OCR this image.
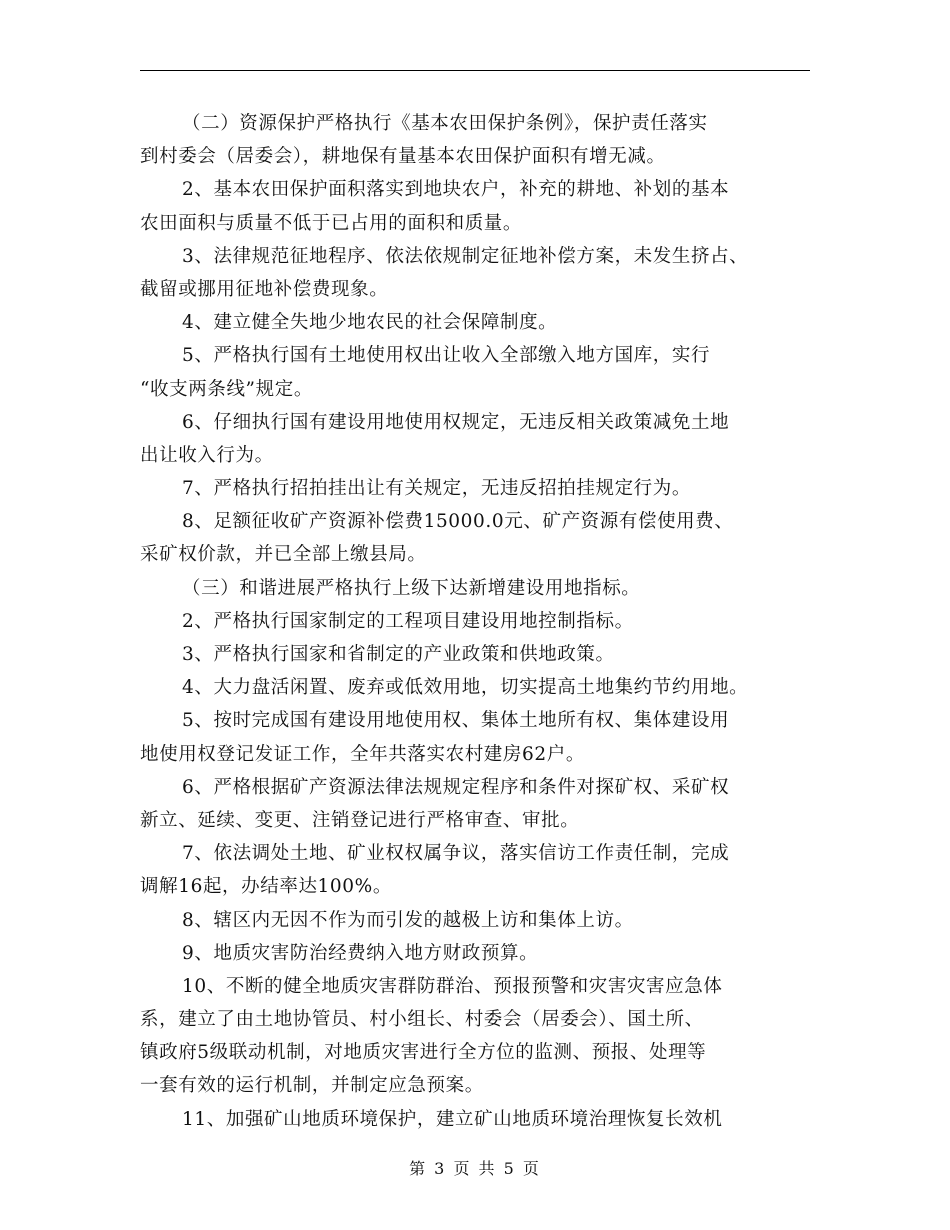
（二）资源保护严格执行《基本农田保护条例》，保护责任落实
到村委会（居委会），耕地保有量基本农田保护面积有增无减。
2、基本农田保护面积落实到地块农户，补充的耕地、补划的基本
农田面积与质量不低于已占用的面积和质量。
3、法律规范征地程序、依法依规制定征地补偿方案，未发生挤占、
截留或挪用征地补偿费现象。
4、建立健全失地少地农民的社会保障制度。
5、严格执行国有土地使用权出让收入全部缴入地方国库，实行
“收支两条线”规定。
6、仔细执行国有建设用地使用权规定，无违反相关政策减免土地
出让收入行为。
7、严格执行招拍挂出让有关规定，无违反招拍挂规定行为。
8、足额征收矿产资源补偿费15000.0元、矿产资源有偿使用费、
采矿权价款，并已全部上缴县局。
（三）和谐进展严格执行上级下达新增建设用地指标。
2、严格执行国家制定的工程项目建设用地控制指标。
3、严格执行国家和省制定的产业政策和供地政策。
4、大力盘活闲置、废弃或低效用地，切实提高土地集约节约用地。
5、按时完成国有建设用地使用权、集体土地所有权、集体建设用
地使用权登记发证工作，全年共落实农村建房62户。
6、严格根据矿产资源法律法规规定程序和条件对探矿权、采矿权
新立、延续、变更、注销登记进行严格审查、审批。
7、依法调处土地、矿业权权属争议，落实信访工作责任制，完成
调解16起，办结率达100%。
8、辖区内无因不作为而引发的越极上访和集体上访。
9、地质灾害防治经费纳入地方财政预算。
10、不断的健全地质灾害群防群治、预报预警和灾害灾害应急体
系，建立了由土地协管员、村小组长、村委会（居委会）、国土所、
镇政府5级联动机制，对地质灾害进行全方位的监测、预报、处理等
一套有效的运行机制，并制定应急预案。
11、加强矿山地质环境保护，建立矿山地质环境治理恢复长效机
第 3 页 共 5 页
